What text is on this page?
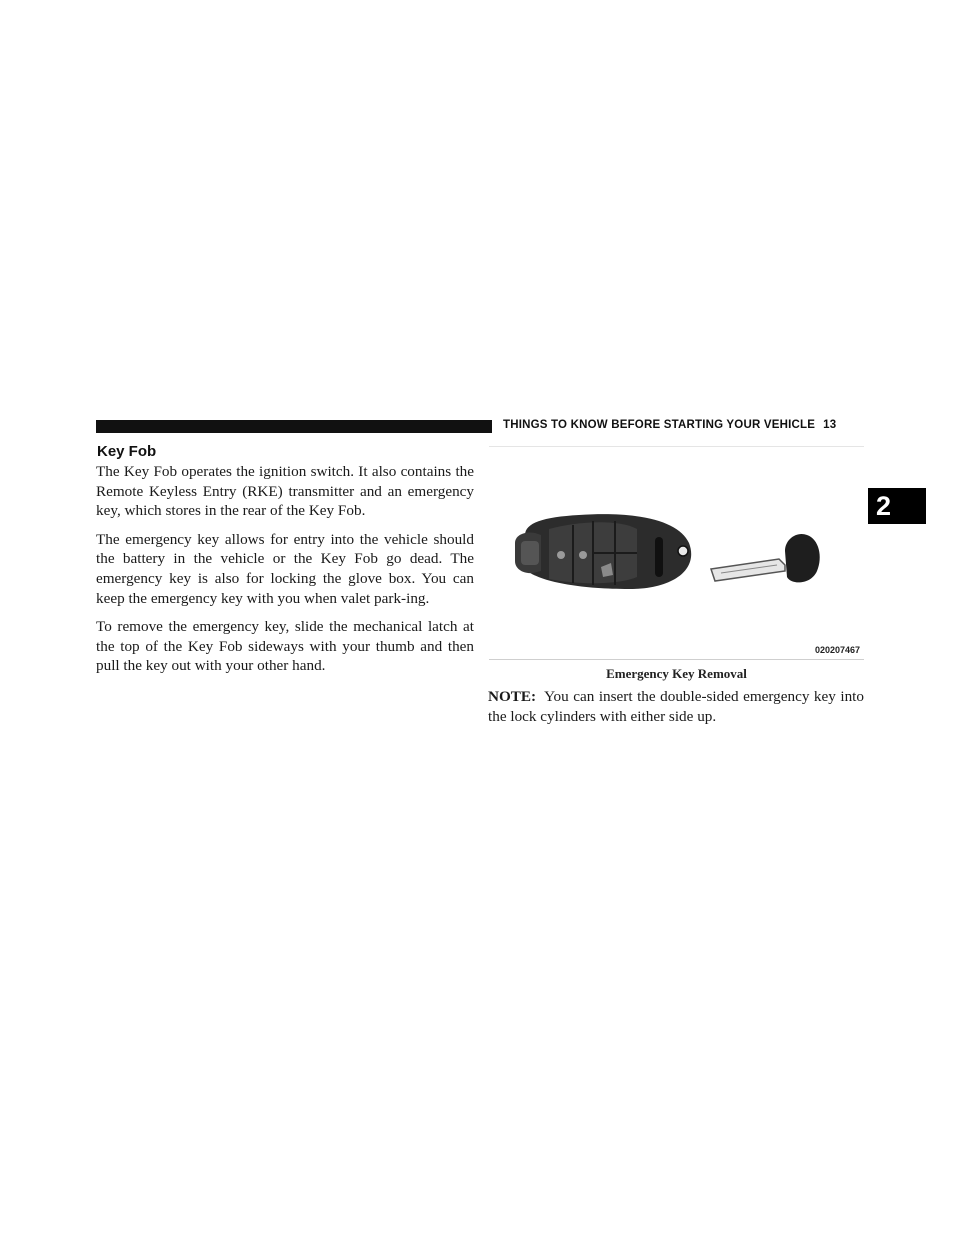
THINGS TO KNOW BEFORE STARTING YOUR VEHICLE 13
2
Key Fob

The Key Fob operates the ignition switch. It also contains the Remote Keyless Entry (RKE) transmitter and an emergency key, which stores in the rear of the Key Fob.

The emergency key allows for entry into the vehicle should the battery in the vehicle or the Key Fob go dead. The emergency key is also for locking the glove box. You can keep the emergency key with you when valet park-ing.

To remove the emergency key, slide the mechanical latch at the top of the Key Fob sideways with your thumb and then pull the key out with your other hand.

020207467
Emergency Key Removal
NOTE: You can insert the double-sided emergency key into the lock cylinders with either side up.
